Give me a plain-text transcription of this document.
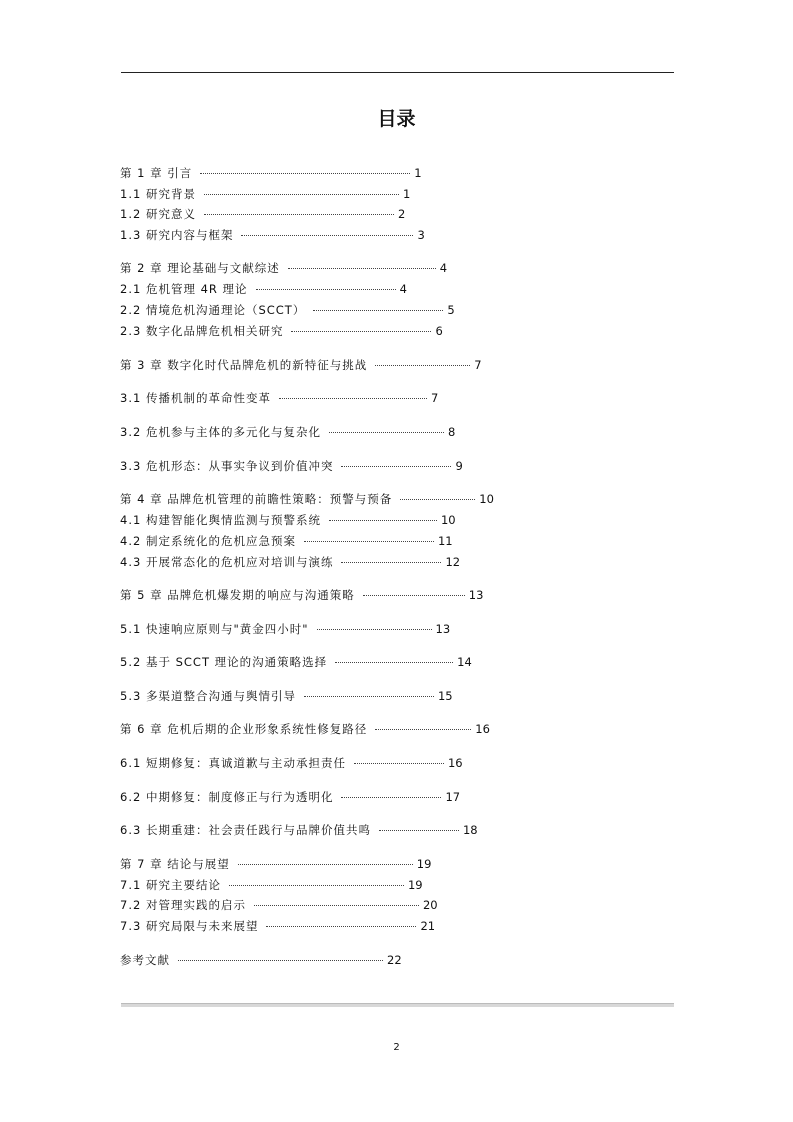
目录
第 1 章 引言	1
1.1 研究背景	1
1.2 研究意义	2
1.3 研究内容与框架	3
第 2 章 理论基础与文献综述	4
2.1 危机管理 4R 理论	4
2.2 情境危机沟通理论（SCCT）	5
2.3 数字化品牌危机相关研究	6
第 3 章 数字化时代品牌危机的新特征与挑战	7
3.1 传播机制的革命性变革	7
3.2 危机参与主体的多元化与复杂化	8
3.3 危机形态：从事实争议到价值冲突	9
第 4 章 品牌危机管理的前瞻性策略：预警与预备	10
4.1 构建智能化舆情监测与预警系统	10
4.2 制定系统化的危机应急预案	11
4.3 开展常态化的危机应对培训与演练	12
第 5 章 品牌危机爆发期的响应与沟通策略	13
5.1 快速响应原则与"黄金四小时"	13
5.2 基于 SCCT 理论的沟通策略选择	14
5.3 多渠道整合沟通与舆情引导	15
第 6 章 危机后期的企业形象系统性修复路径	16
6.1 短期修复：真诚道歉与主动承担责任	16
6.2 中期修复：制度修正与行为透明化	17
6.3 长期重建：社会责任践行与品牌价值共鸣	18
第 7 章 结论与展望	19
7.1 研究主要结论	19
7.2 对管理实践的启示	20
7.3 研究局限与未来展望	21
参考文献	22
2
